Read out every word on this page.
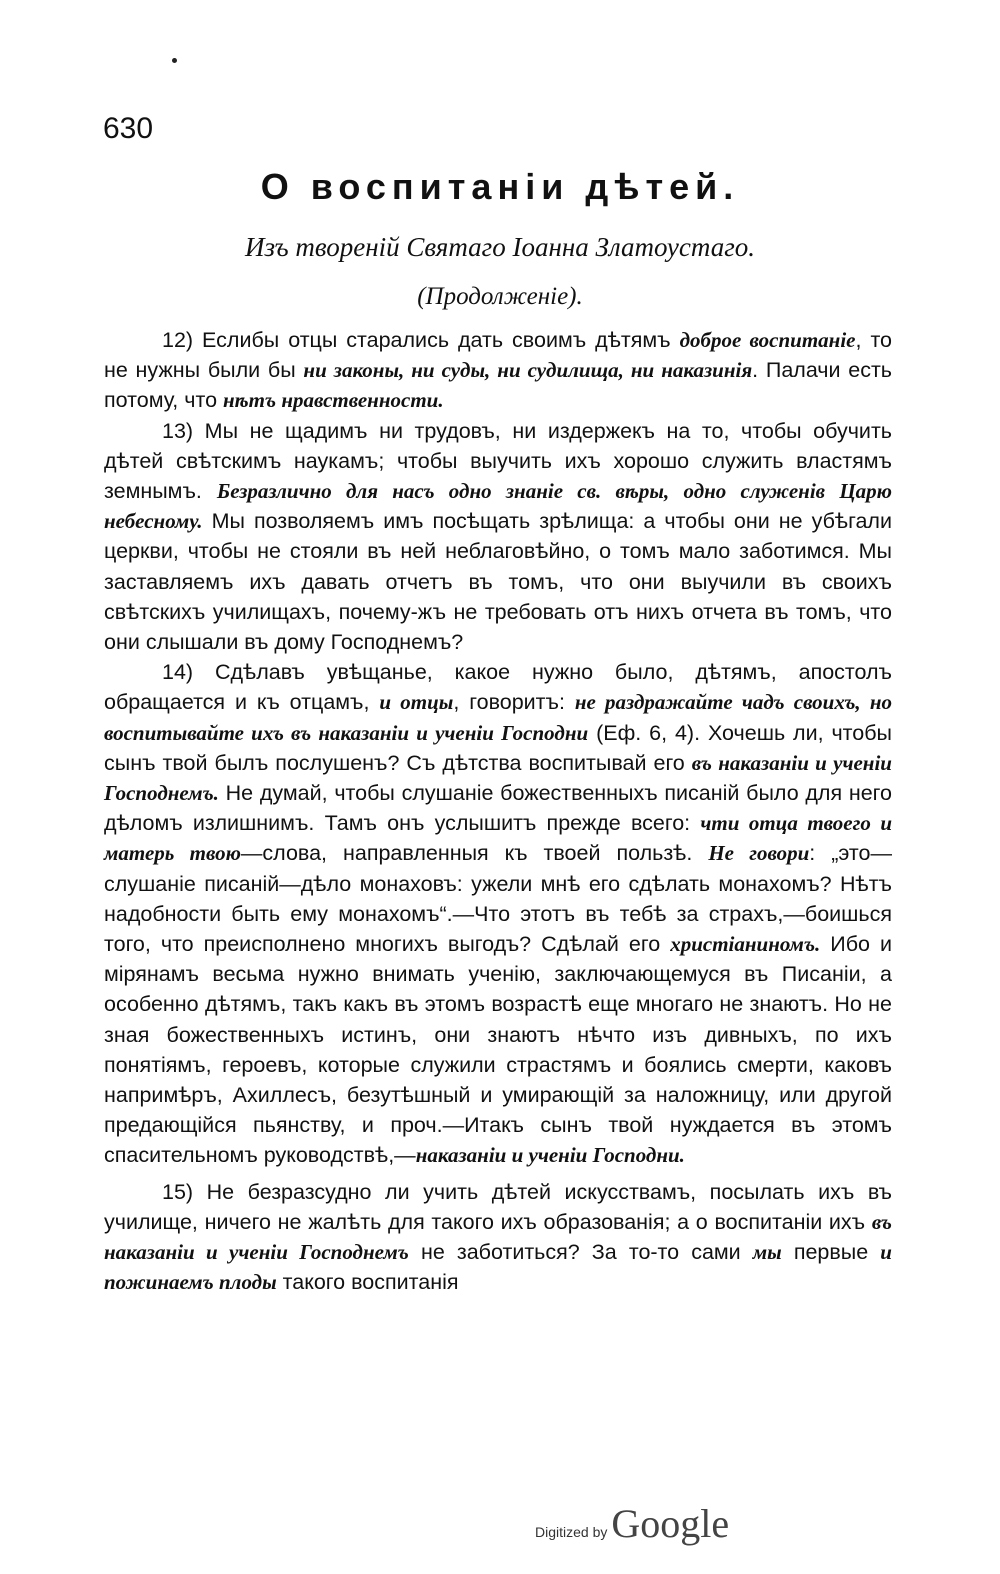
630
О воспитаніи дѣтей.
Изъ твореній Святаго Іоанна Златоустаго.
(Продолженіе).

12) Еслибы отцы старались дать своимъ дѣтямъ доброе воспитаніе, то не нужны были бы ни законы, ни суды, ни судилища, ни наказинія. Палачи есть потому, что нѣтъ нравственности.

13) Мы не щадимъ ни трудовъ, ни издержекъ на то, чтобы обучить дѣтей свѣтскимъ наукамъ; чтобы выучить ихъ хорошо служить властямъ земнымъ. Безразлично для насъ одно знаніе св. вѣры, одно служенів Царю небесному. Мы позволяемъ имъ посѣщать зрѣлища: а чтобы они не убѣгали церкви, чтобы не стояли въ ней неблаговѣйно, о томъ мало заботимся. Мы заставляемъ ихъ давать отчетъ въ томъ, что они выучили въ своихъ свѣтскихъ училищахъ, почему-жъ не требовать отъ нихъ отчета въ томъ, что они слышали въ дому Господнемъ?

14) Сдѣлавъ увѣщанье, какое нужно было, дѣтямъ, апостолъ обращается и къ отцамъ, и отцы, говоритъ: не раздражайте чадъ своихъ, но воспитывайте ихъ въ наказаніи и ученіи Господни (Еф. 6, 4). Хочешь ли, чтобы сынъ твой былъ послушенъ? Съ дѣтства воспитывай его въ наказаніи и ученіи Господнемъ. Не думай, чтобы слушаніе божественныхъ писаній было для него дѣломъ излишнимъ. Тамъ онъ услышитъ прежде всего: чти отца твоего и матерь твою—слова, направленныя къ твоей пользѣ. Не говори: „это—слушаніе писаній—дѣло монаховъ: ужели мнѣ его сдѣлать монахомъ? Нѣтъ надобности быть ему монахомъ“.—Что этотъ въ тебѣ за страхъ,—боишься того, что преисполнено многихъ выгодъ? Сдѣлай его христіаниномъ. Ибо и мірянамъ весьма нужно внимать ученію, заключающемуся въ Писаніи, а особенно дѣтямъ, такъ какъ въ этомъ возрастѣ еще многаго не знаютъ. Но не зная божественныхъ истинъ, они знаютъ нѣчто изъ дивныхъ, по ихъ понятіямъ, героевъ, которые служили страстямъ и боялись смерти, каковъ напримѣръ, Ахиллесъ, безутѣшный и умирающій за наложницу, или другой предающійся пьянству, и проч.—Итакъ сынъ твой нуждается въ этомъ спасительномъ руководствѣ,—наказаніи и ученіи Господни.

15) Не безразсудно ли учить дѣтей искусствамъ, посылать ихъ въ училище, ничего не жалѣть для такого ихъ образованія; а о воспитаніи ихъ въ наказаніи и ученіи Господнемъ не заботиться? За то-то сами мы первые и пожинаемъ плоды такого воспитанія

Digitized by Google
